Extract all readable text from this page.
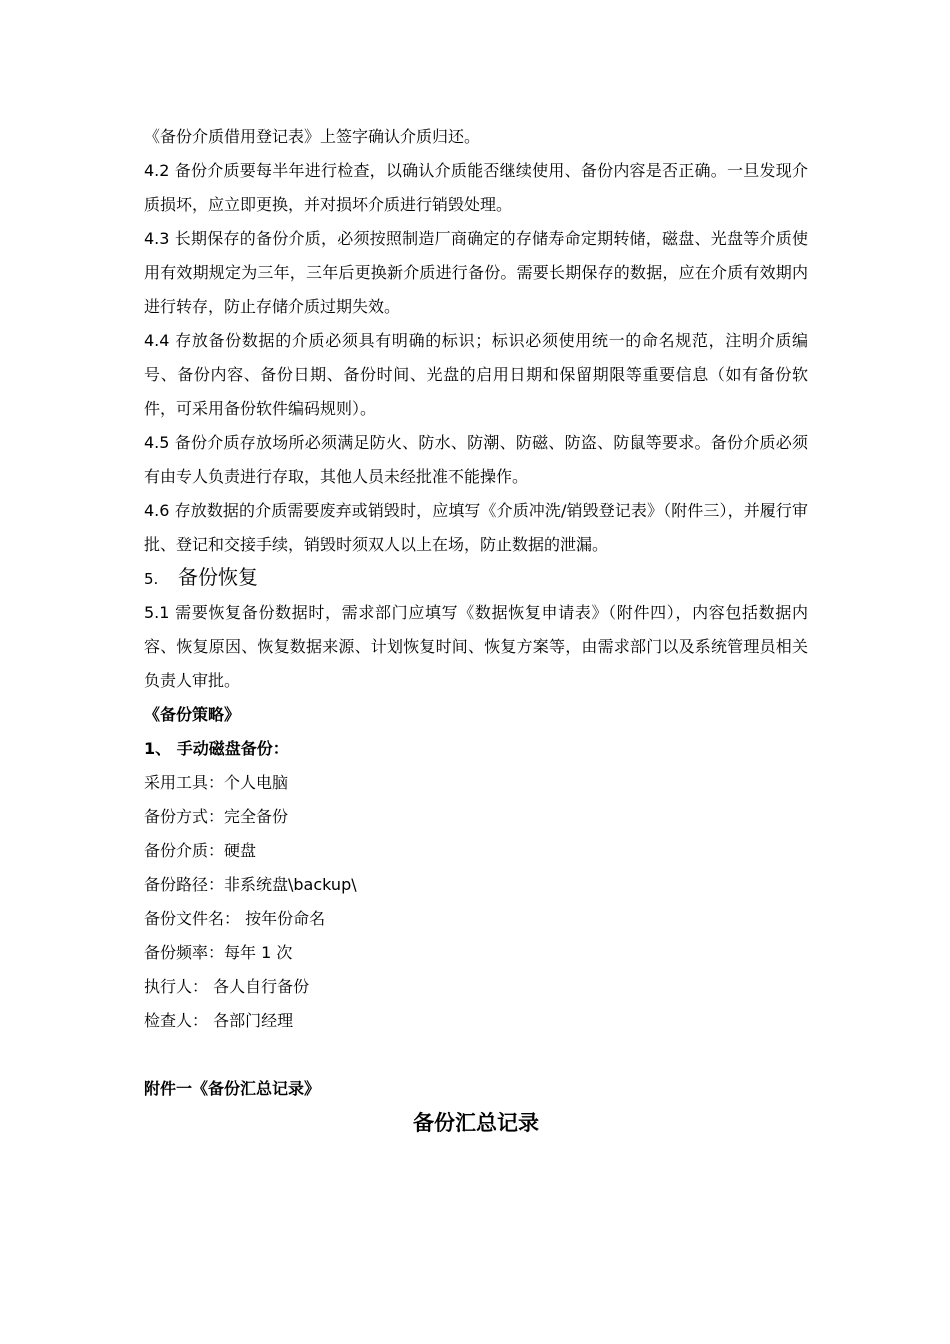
《备份介质借用登记表》上签字确认介质归还。

4.2 备份介质要每半年进行检查，以确认介质能否继续使用、备份内容是否正确。一旦发现介质损坏，应立即更换，并对损坏介质进行销毁处理。

4.3 长期保存的备份介质，必须按照制造厂商确定的存储寿命定期转储，磁盘、光盘等介质使用有效期规定为三年，三年后更换新介质进行备份。需要长期保存的数据，应在介质有效期内进行转存，防止存储介质过期失效。

4.4 存放备份数据的介质必须具有明确的标识；标识必须使用统一的命名规范，注明介质编号、备份内容、备份日期、备份时间、光盘的启用日期和保留期限等重要信息（如有备份软件，可采用备份软件编码规则）。

4.5 备份介质存放场所必须满足防火、防水、防潮、防磁、防盗、防鼠等要求。备份介质必须有由专人负责进行存取，其他人员未经批准不能操作。

4.6 存放数据的介质需要废弃或销毁时，应填写《介质冲洗/销毁登记表》（附件三），并履行审批、登记和交接手续，销毁时须双人以上在场，防止数据的泄漏。

5. 备份恢复

5.1 需要恢复备份数据时，需求部门应填写《数据恢复申请表》（附件四），内容包括数据内容、恢复原因、恢复数据来源、计划恢复时间、恢复方案等，由需求部门以及系统管理员相关负责人审批。

《备份策略》

1、 手动磁盘备份：

采用工具：个人电脑

备份方式：完全备份

备份介质：硬盘

备份路径：非系统盘\backup\

备份文件名： 按年份命名

备份频率：每年 1 次

执行人： 各人自行备份

检查人： 各部门经理

附件一《备份汇总记录》

备份汇总记录
